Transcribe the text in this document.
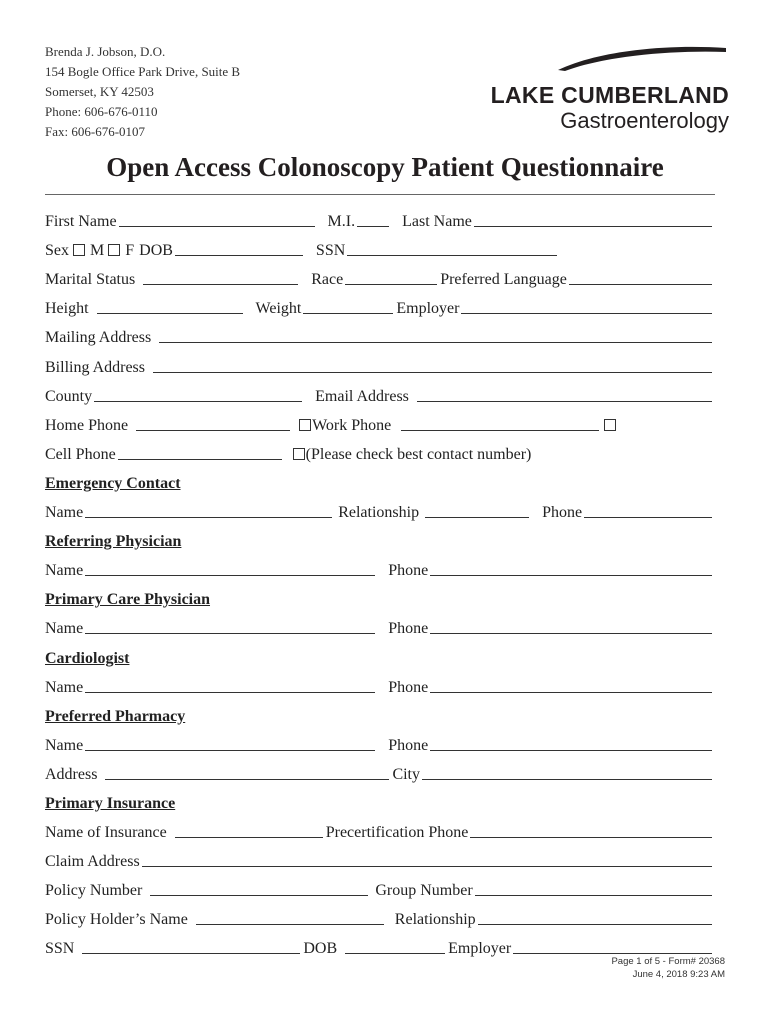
Brenda J. Jobson, D.O.
154 Bogle Office Park Drive, Suite B
Somerset, KY 42503
Phone: 606-676-0110
Fax: 606-676-0107
LAKE CUMBERLAND
Gastroenterology
Open Access Colonoscopy Patient Questionnaire
First Name	M.I.	Last Name
Sex M F DOB	SSN
Marital Status	Race	Preferred Language
Height	Weight	Employer
Mailing Address
Billing Address
County	Email Address
Home Phone	Work Phone
Cell Phone	(Please check best contact number)
Emergency Contact
Name	Relationship	Phone
Referring Physician
Name	Phone
Primary Care Physician
Name	Phone
Cardiologist
Name	Phone
Preferred Pharmacy
Name	Phone
Address	City
Primary Insurance
Name of Insurance	Precertification Phone
Claim Address
Policy Number	Group Number
Policy Holder’s Name	Relationship
SSN	DOB	Employer
Page 1 of 5 - Form# 20368
June 4, 2018 9:23 AM
